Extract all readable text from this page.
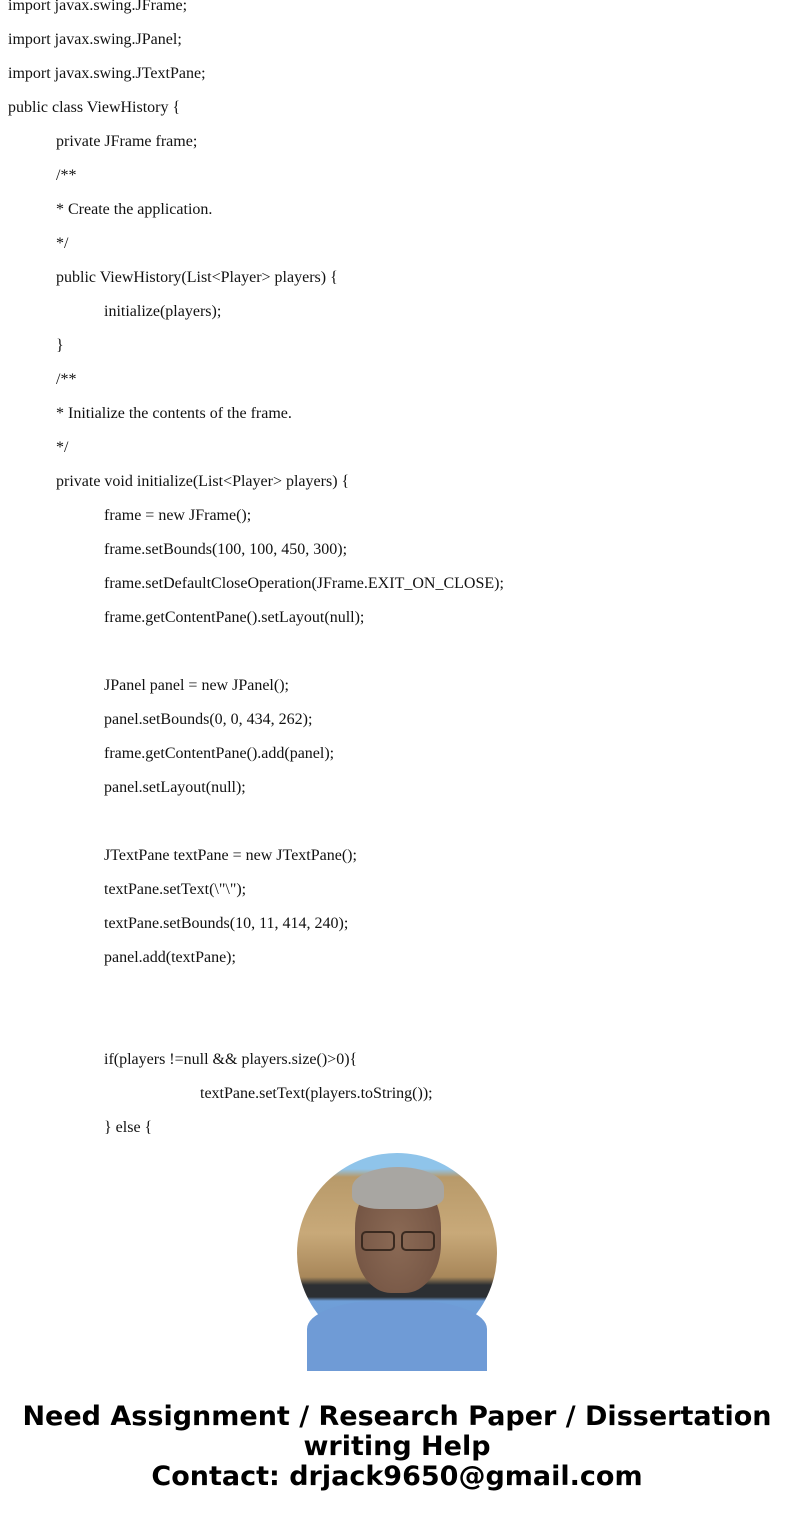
import javax.swing.JFrame;
import javax.swing.JPanel;
import javax.swing.JTextPane;
public class ViewHistory {
private JFrame frame;
/**
* Create the application.
*/
public ViewHistory(List<Player> players) {
initialize(players);
}
/**
* Initialize the contents of the frame.
*/
private void initialize(List<Player> players) {
frame = new JFrame();
frame.setBounds(100, 100, 450, 300);
frame.setDefaultCloseOperation(JFrame.EXIT_ON_CLOSE);
frame.getContentPane().setLayout(null);
JPanel panel = new JPanel();
panel.setBounds(0, 0, 434, 262);
frame.getContentPane().add(panel);
panel.setLayout(null);
JTextPane textPane = new JTextPane();
textPane.setText(\"\");
textPane.setBounds(10, 11, 414, 240);
panel.add(textPane);
if(players !=null && players.size()>0){
textPane.setText(players.toString());
} else {
Need Assignment / Research Paper / Dissertation
writing Help
Contact: drjack9650@gmail.com
